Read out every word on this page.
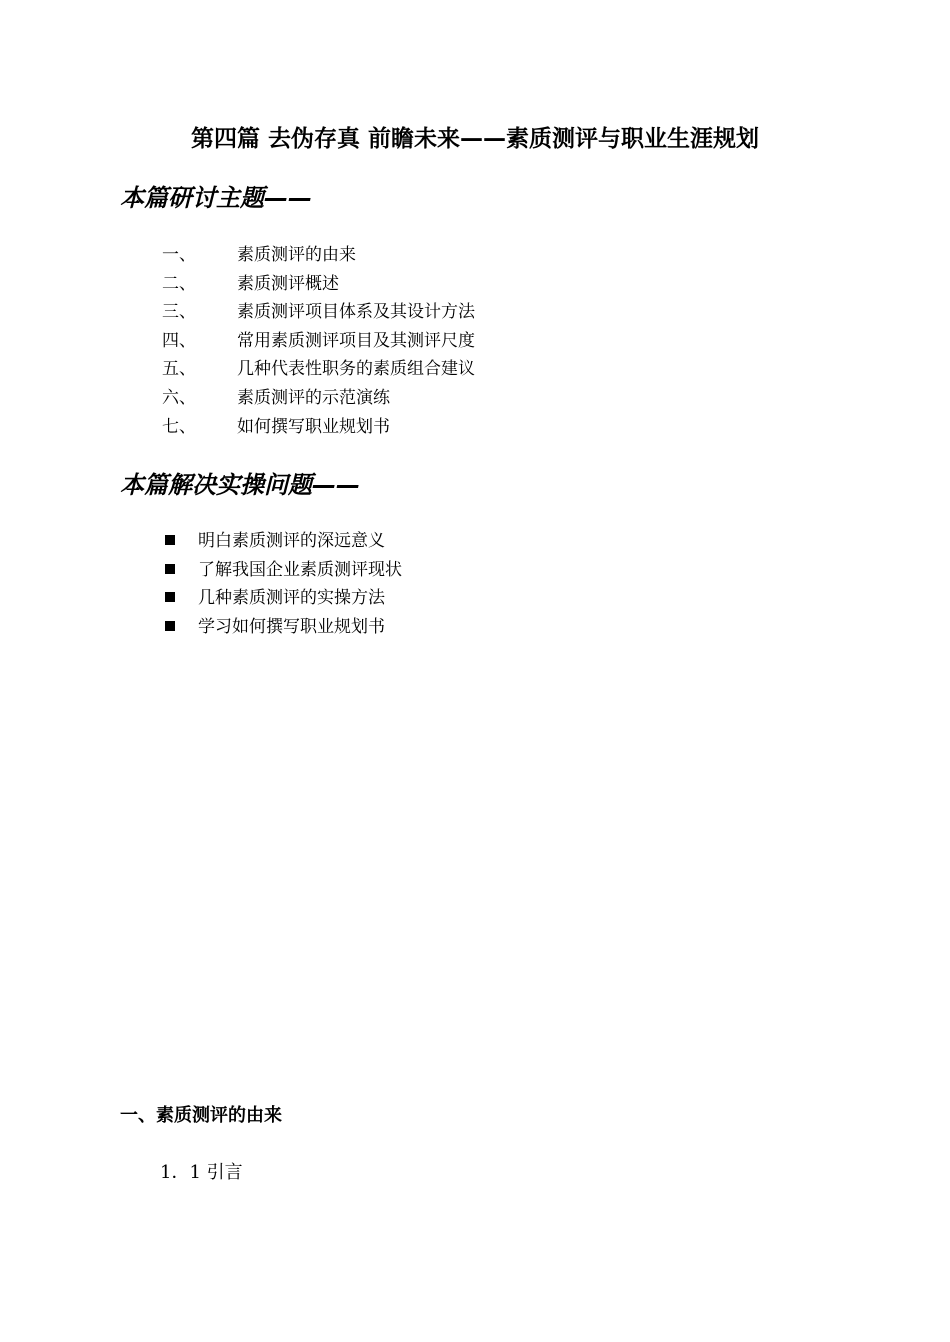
第四篇 去伪存真 前瞻未来——素质测评与职业生涯规划
本篇研讨主题——
一、 素质测评的由来
二、 素质测评概述
三、 素质测评项目体系及其设计方法
四、 常用素质测评项目及其测评尺度
五、 几种代表性职务的素质组合建议
六、 素质测评的示范演练
七、 如何撰写职业规划书
本篇解决实操问题——
明白素质测评的深远意义
了解我国企业素质测评现状
几种素质测评的实操方法
学习如何撰写职业规划书
一、素质测评的由来
1．1 引言
